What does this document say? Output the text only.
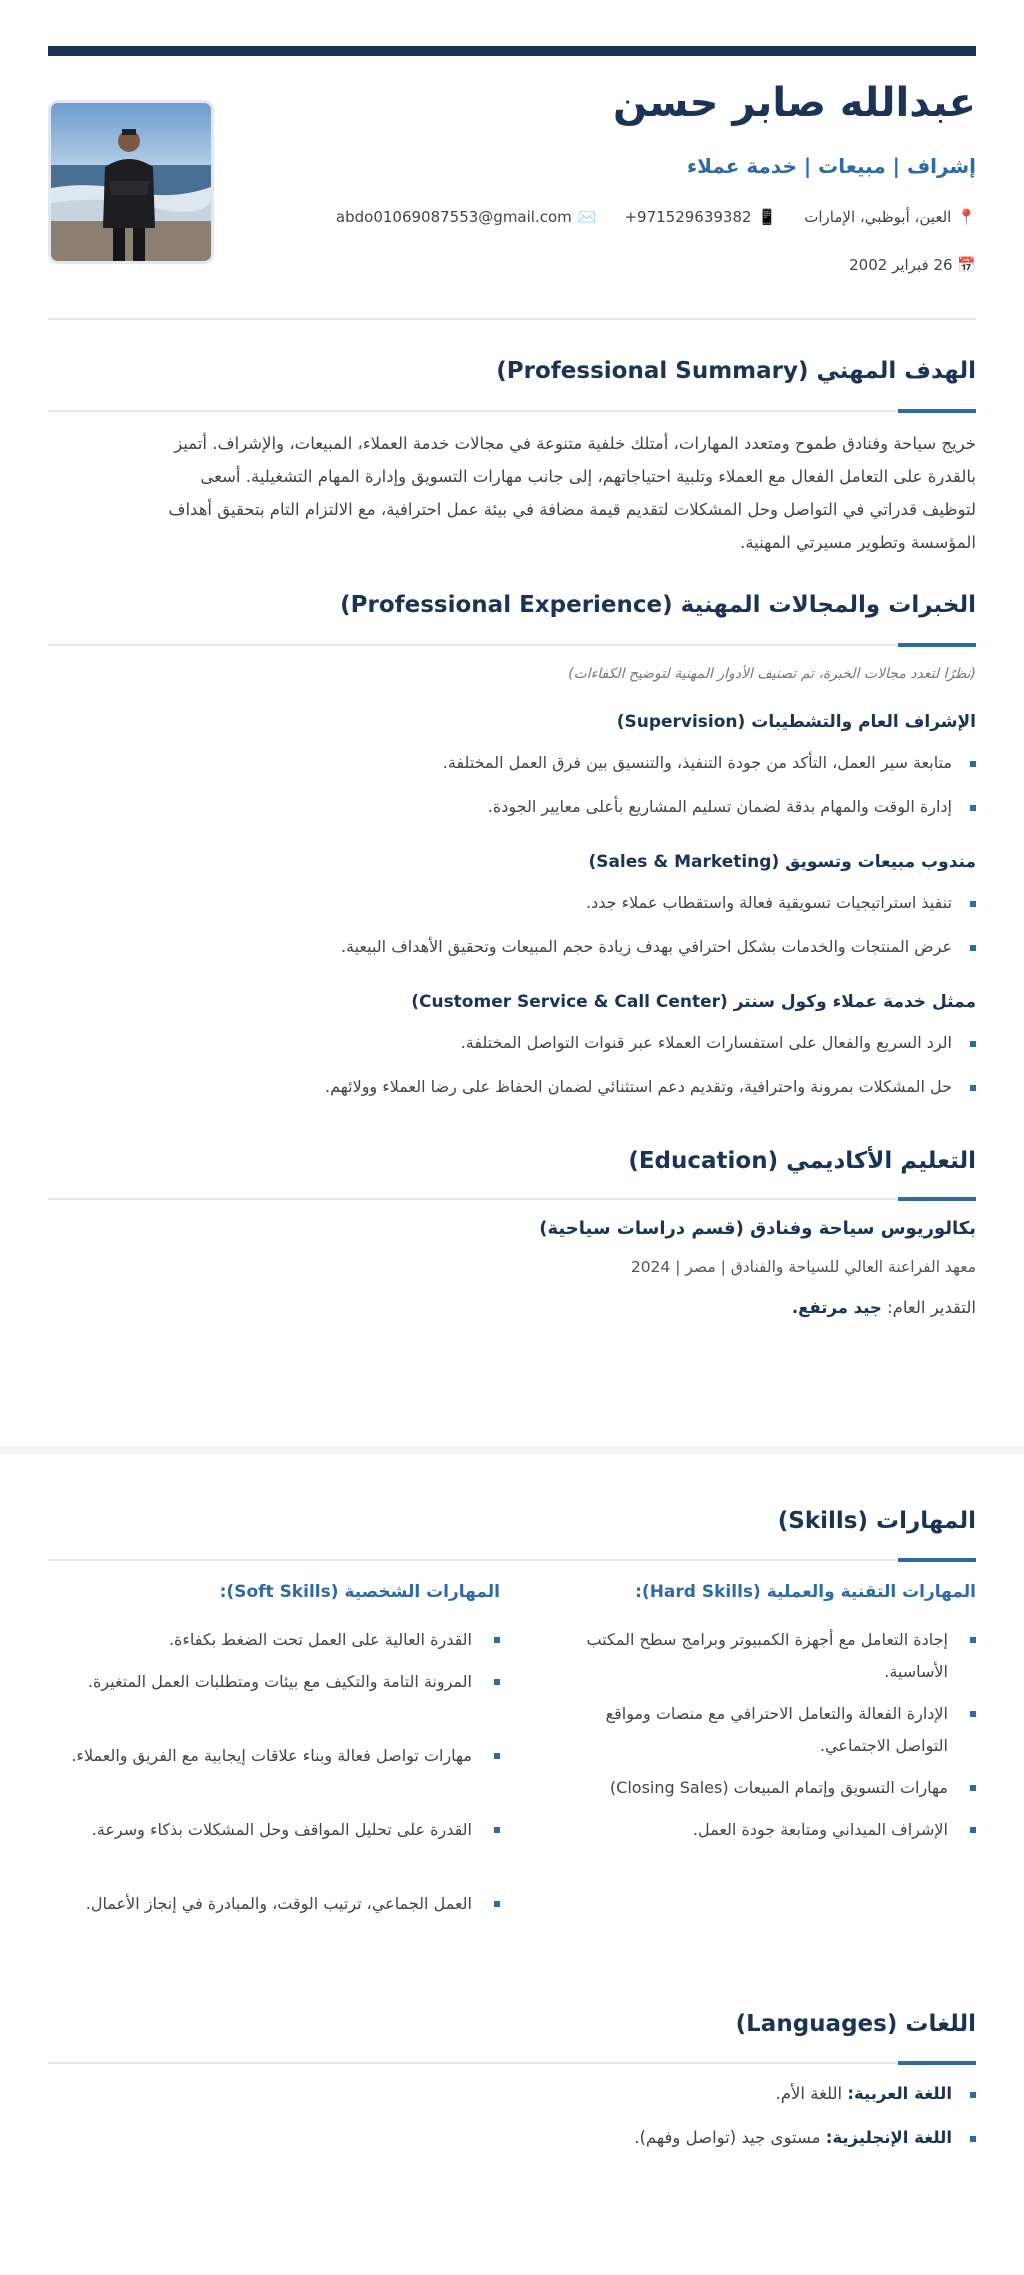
عبدالله صابر حسن
إشراف | مبيعات | خدمة عملاء
📍العين، أبوظبي، الإمارات
📱971529639382+
✉️abdo01069087553@gmail.com
📅 26 فبراير 2002
الهدف المهني (Professional Summary)
خريج سياحة وفنادق طموح ومتعدد المهارات، أمتلك خلفية متنوعة في مجالات خدمة العملاء، المبيعات، والإشراف. أتميز
بالقدرة على التعامل الفعال مع العملاء وتلبية احتياجاتهم، إلى جانب مهارات التسويق وإدارة المهام التشغيلية. أسعى
لتوظيف قدراتي في التواصل وحل المشكلات لتقديم قيمة مضافة في بيئة عمل احترافية، مع الالتزام التام بتحقيق أهداف
المؤسسة وتطوير مسيرتي المهنية.
الخبرات والمجالات المهنية (Professional Experience)
(نظرًا لتعدد مجالات الخبرة، تم تصنيف الأدوار المهنية لتوضيح الكفاءات)
الإشراف العام والتشطيبات (Supervision)
متابعة سير العمل، التأكد من جودة التنفيذ، والتنسيق بين فرق العمل المختلفة.
إدارة الوقت والمهام بدقة لضمان تسليم المشاريع بأعلى معايير الجودة.
مندوب مبيعات وتسويق (Sales & Marketing)
تنفيذ استراتيجيات تسويقية فعالة واستقطاب عملاء جدد.
عرض المنتجات والخدمات بشكل احترافي بهدف زيادة حجم المبيعات وتحقيق الأهداف البيعية.
ممثل خدمة عملاء وكول سنتر (Customer Service & Call Center)
الرد السريع والفعال على استفسارات العملاء عبر قنوات التواصل المختلفة.
حل المشكلات بمرونة واحترافية، وتقديم دعم استثنائي لضمان الحفاظ على رضا العملاء وولائهم.
التعليم الأكاديمي (Education)
بكالوريوس سياحة وفنادق (قسم دراسات سياحية)
معهد الفراعنة العالي للسياحة والفنادق | مصر | 2024
التقدير العام: جيد مرتفع.
المهارات (Skills)
المهارات التقنية والعملية (Hard Skills):
إجادة التعامل مع أجهزة الكمبيوتر وبرامج سطح المكتب الأساسية.
الإدارة الفعالة والتعامل الاحترافي مع منصات ومواقع التواصل الاجتماعي.
مهارات التسويق وإتمام المبيعات (Closing Sales)
الإشراف الميداني ومتابعة جودة العمل.
المهارات الشخصية (Soft Skills):
القدرة العالية على العمل تحت الضغط بكفاءة.
المرونة التامة والتكيف مع بيئات ومتطلبات العمل المتغيرة.
مهارات تواصل فعالة وبناء علاقات إيجابية مع الفريق والعملاء.
القدرة على تحليل المواقف وحل المشكلات بذكاء وسرعة.
العمل الجماعي، ترتيب الوقت، والمبادرة في إنجاز الأعمال.
اللغات (Languages)
اللغة العربية: اللغة الأم.
اللغة الإنجليزية: مستوى جيد (تواصل وفهم).
